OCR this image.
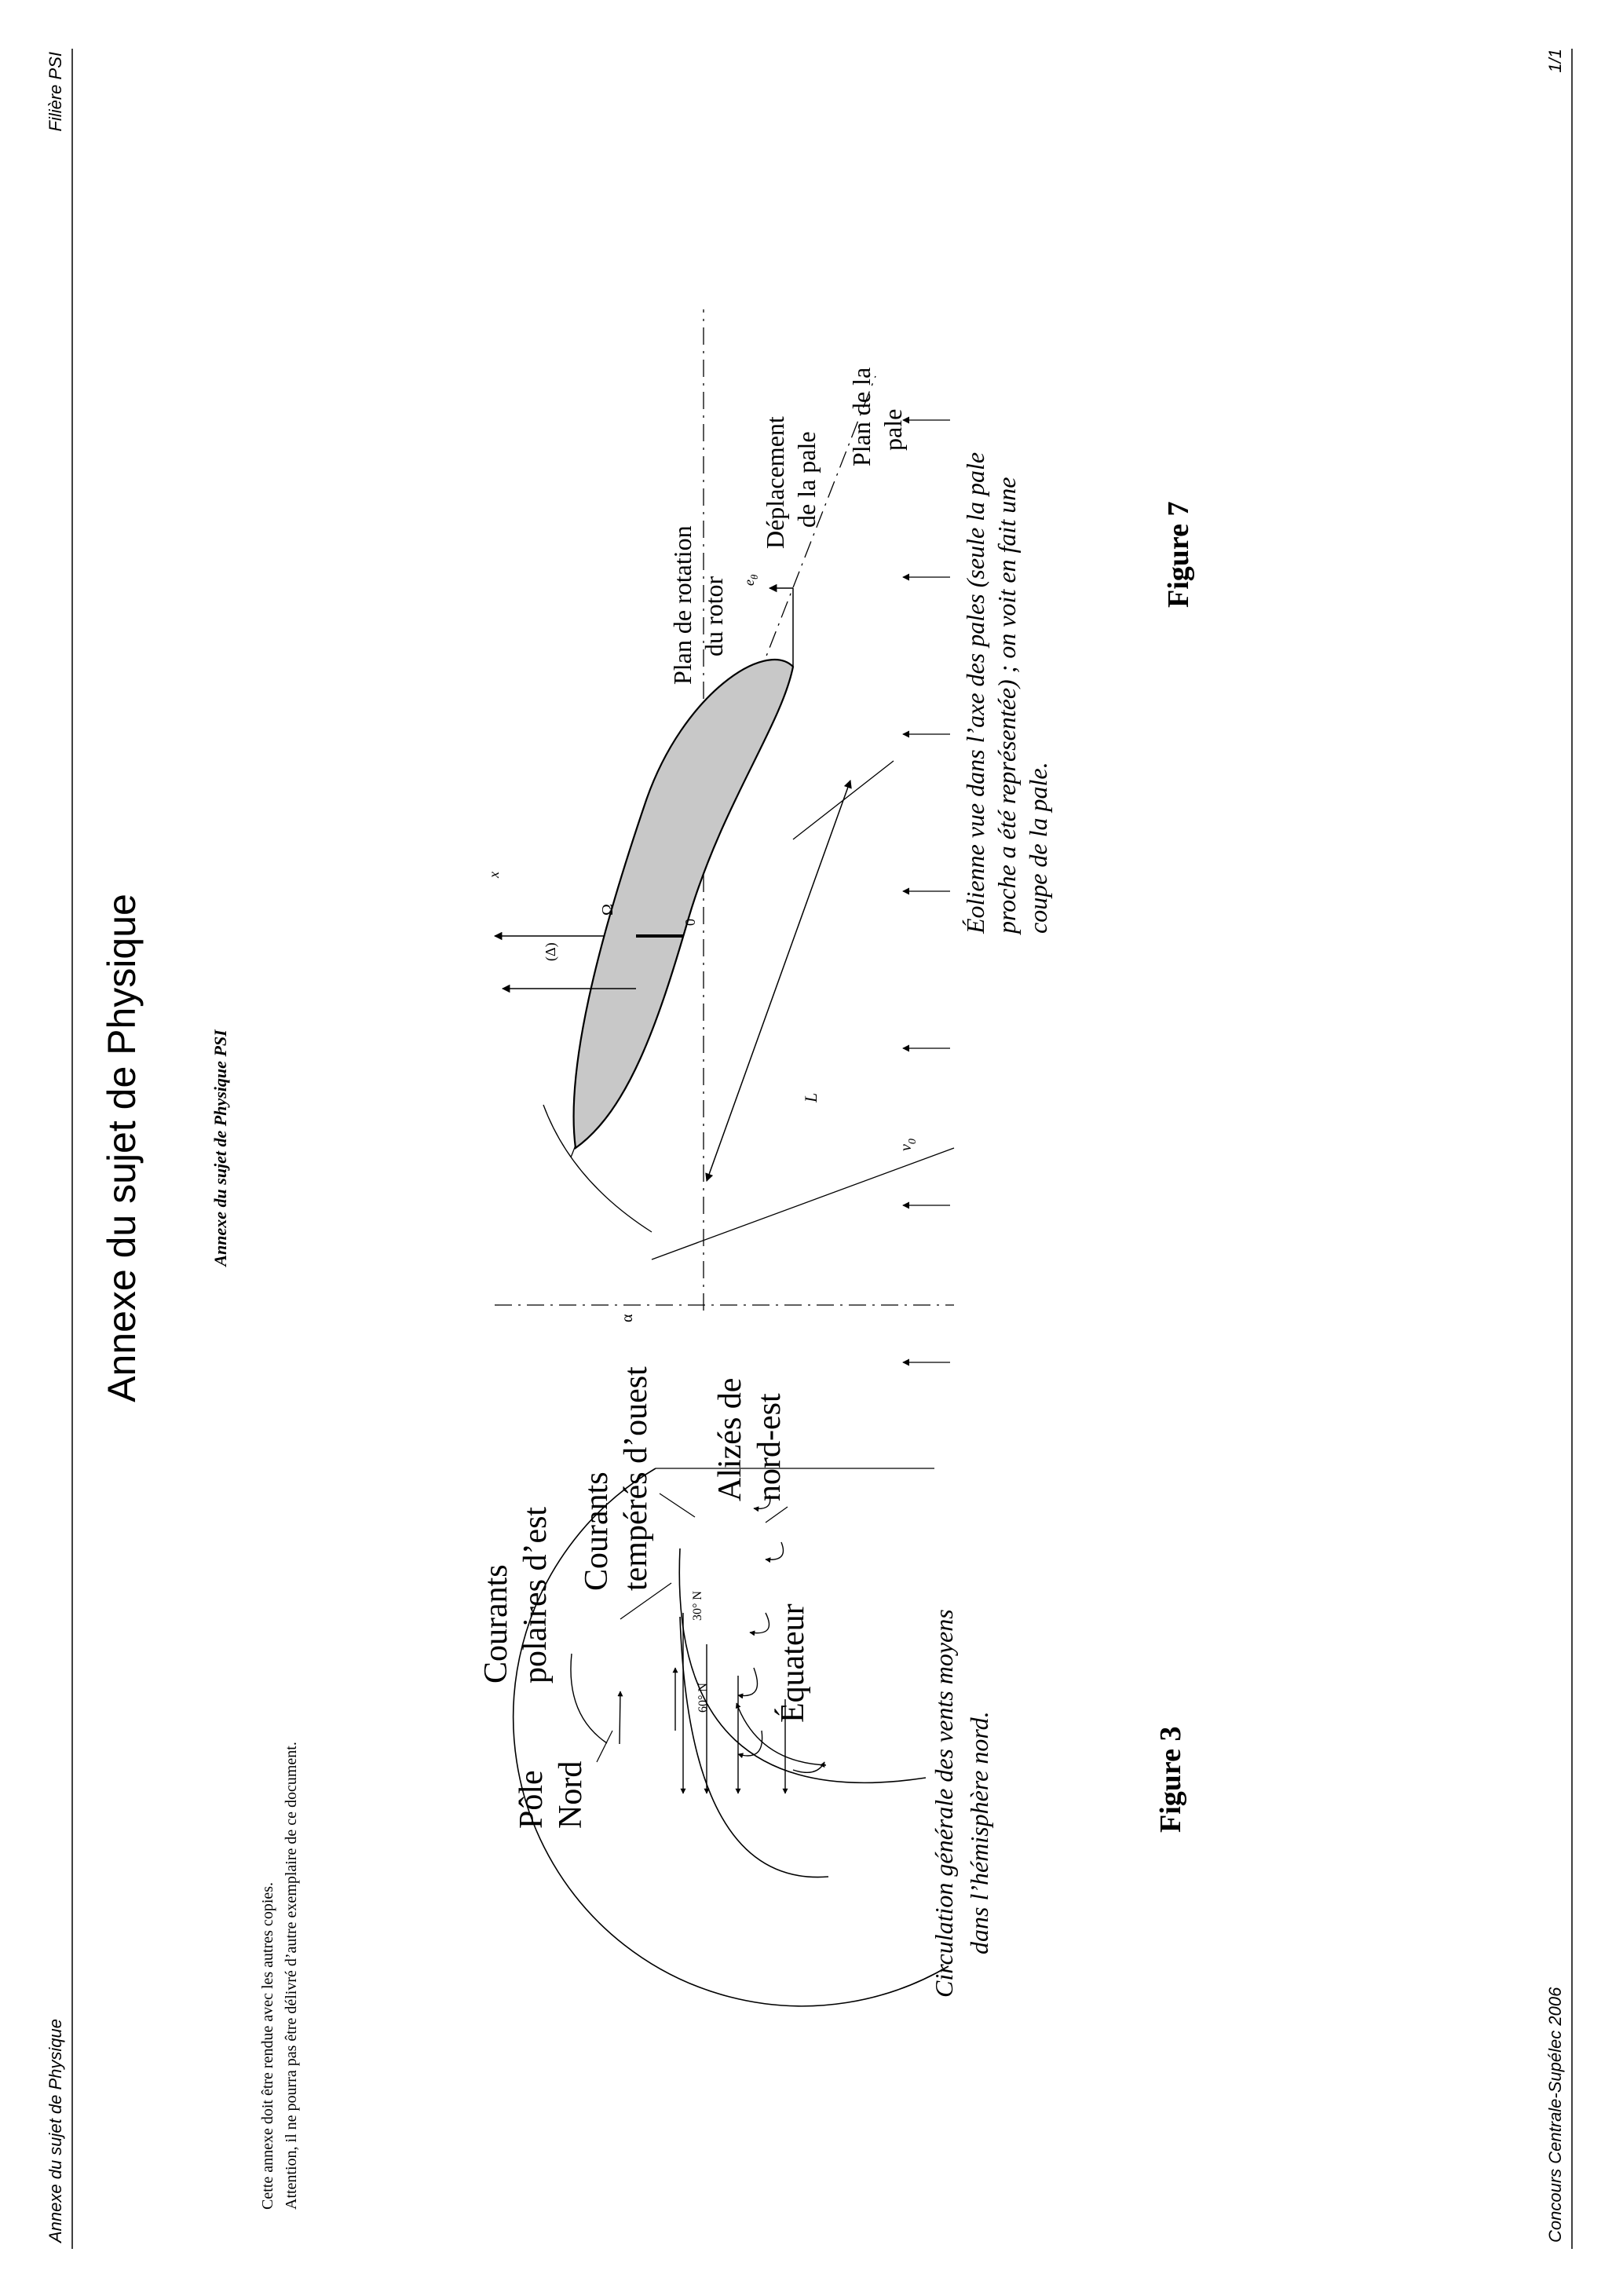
Annexe du sujet de Physique
Filière PSI
Concours Centrale-Supélec 2006
1/1
Annexe du sujet de Physique	Annexe du sujet de Physique PSI
Cette annexe doit être rendue avec les autres copies. Attention, il ne pourra pas être délivré d’autre exemplaire de ce document.	Pôle Nord
Courants polaires d’est Courants tempérés d’ouest Alizés de nord-est
Équateur
60° N
30° N
Circulation générale des vents moyens dans l’hémisphère nord.	Figure 3
α
(Δ)
x
Ω
0
L
$v_0$
$e_\theta$
Plan de rotation du rotor
Déplacement de la pale
Plan de la pale
Éolienne vue dans l’axe des pales (seule la pale proche a été représentée) ; on voit en fait une coupe de la pale.
Figure 7
